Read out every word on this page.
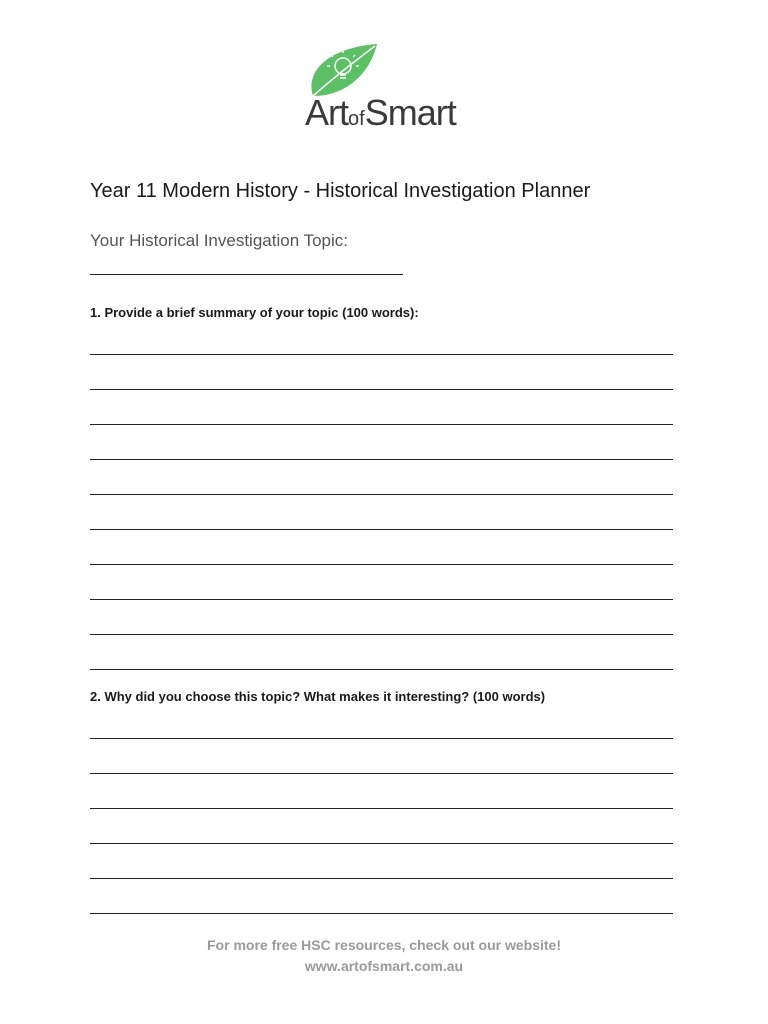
ArtofSmart
Year 11 Modern History - Historical Investigation Planner
Your Historical Investigation Topic:
1. Provide a brief summary of your topic (100 words):
2. Why did you choose this topic? What makes it interesting? (100 words)
For more free HSC resources, check out our website!
www.artofsmart.com.au
